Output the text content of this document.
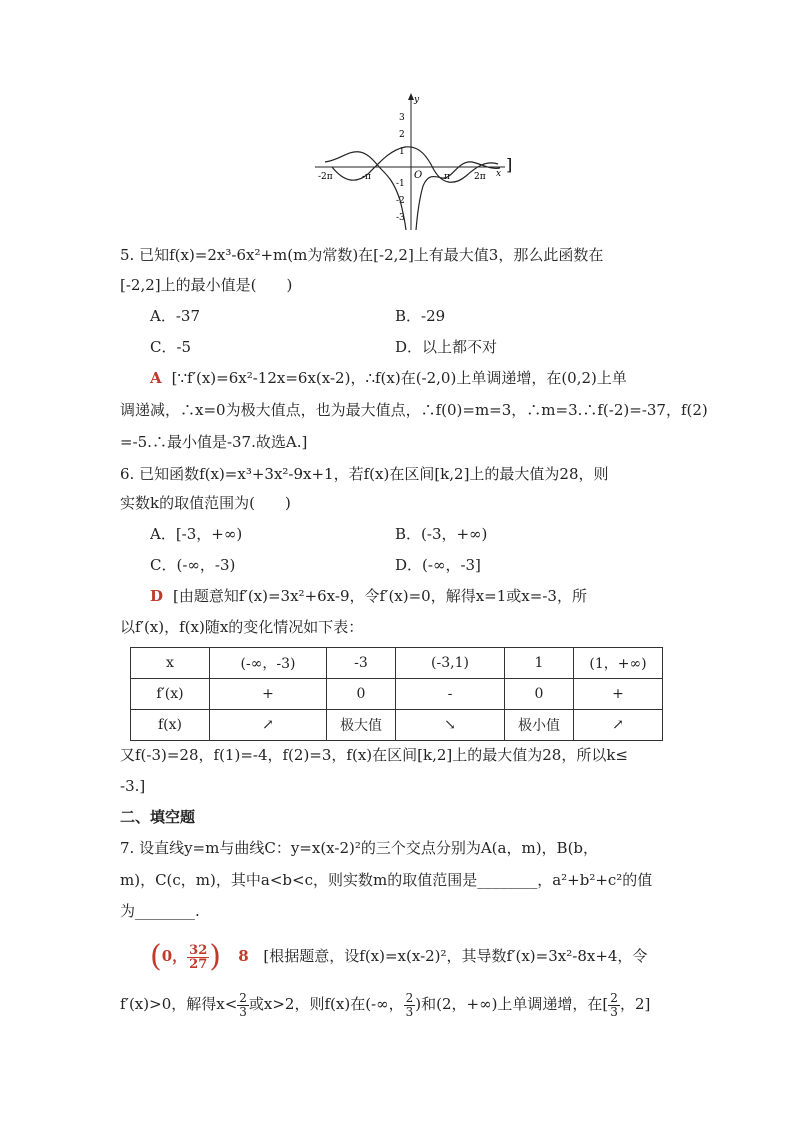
y
x ]
3
2
1
-1
-2
-3
-2π	-π	O π	2π
5. 已知f(x)=2x³-6x²+m(m为常数)在[-2,2]上有最大值3，那么此函数在
[-2,2]上的最小值是(　　)
A．-37	B．-29
C．-5	D．以上都不对
A [∵f′(x)=6x²-12x=6x(x-2)，∴f(x)在(-2,0)上单调递增，在(0,2)上单
调递减，∴x=0为极大值点，也为最大值点，∴f(0)=m=3，∴m=3.∴f(-2)=-37，f(2)
=-5.∴最小值是-37.故选A.]
6. 已知函数f(x)=x³+3x²-9x+1，若f(x)在区间[k,2]上的最大值为28，则
实数k的取值范围为(　　)
A．[-3，+∞)	B．(-3，+∞)
C．(-∞，-3)	D．(-∞，-3]
D [由题意知f′(x)=3x²+6x-9，令f′(x)=0，解得x=1或x=-3，所
以f′(x)，f(x)随x的变化情况如下表：
x	(-∞，-3)	-3	(-3,1)	1	(1，+∞)
f′(x)	+	0	-	0	+
f(x)	↗	极大值	↘	极小值	↗
又f(-3)=28，f(1)=-4，f(2)=3，f(x)在区间[k,2]上的最大值为28，所以k≤
-3.]
二、填空题
7. 设直线y=m与曲线C：y=x(x-2)²的三个交点分别为A(a，m)，B(b，
m)，C(c，m)，其中a<b<c，则实数m的取值范围是________，a²+b²+c²的值
为________.
(0， $\frac{32}{27}$ ) 8 [根据题意，设f(x)=x(x-2)²，其导数f′(x)=3x²-8x+4，令
f′(x)>0，解得$x< \frac{2}{3}$ 或x>2，则f(x)在(-∞， $\frac{2}{3}$ )和(2，+∞)上单调递增，在[ $\frac{2}{3}$ ，2]
